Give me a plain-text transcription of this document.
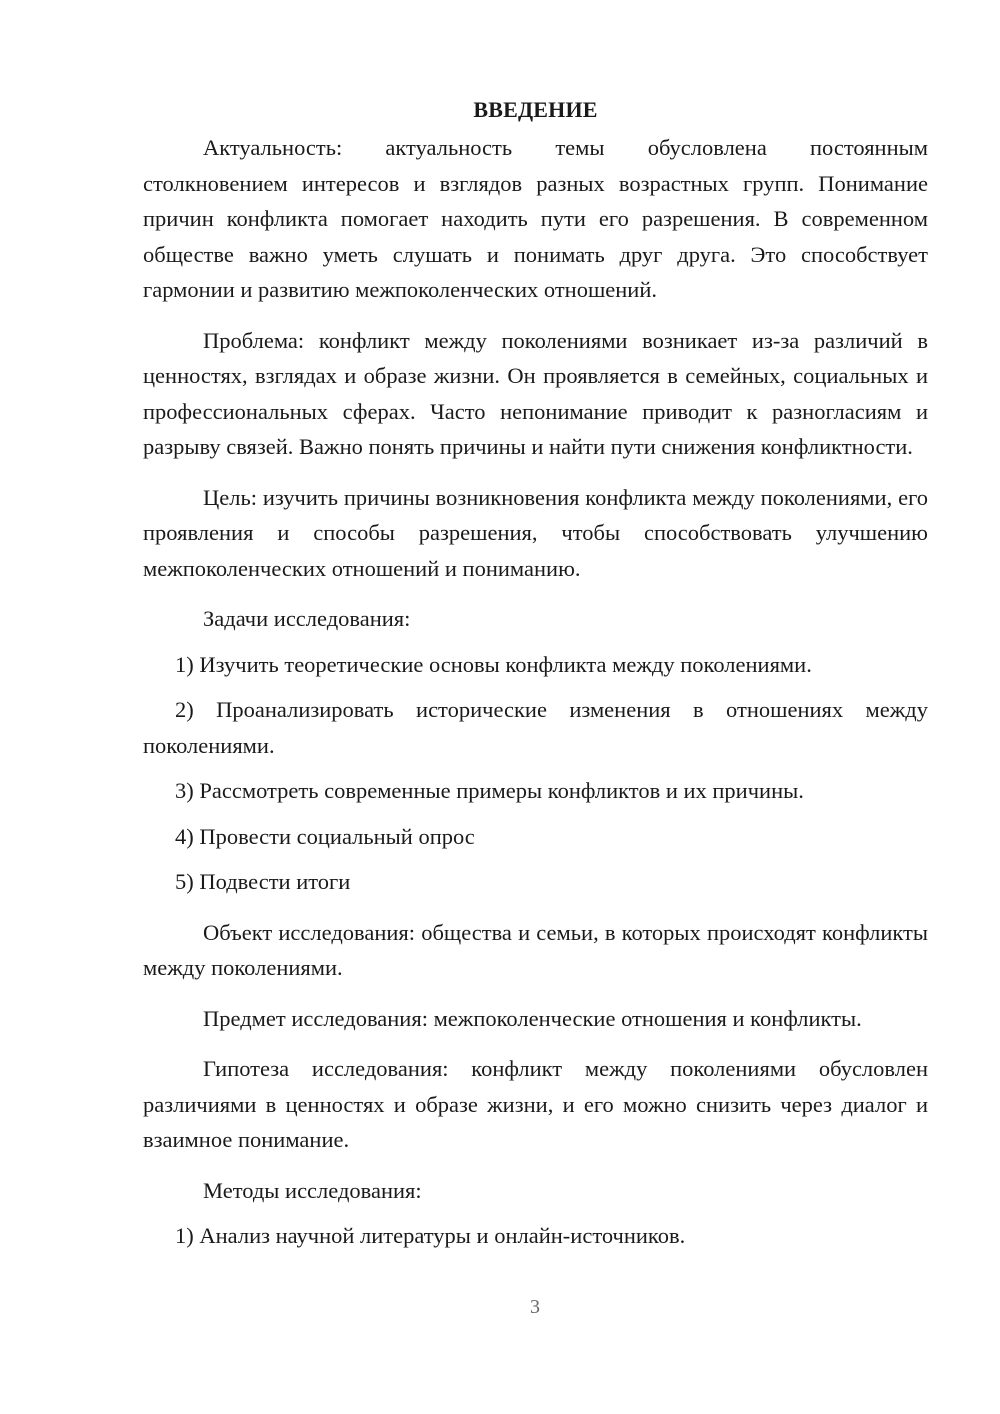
ВВЕДЕНИЕ
Актуальность: актуальность темы обусловлена постоянным столкновением интересов и взглядов разных возрастных групп. Понимание причин конфликта помогает находить пути его разрешения. В современном обществе важно уметь слушать и понимать друг друга. Это способствует гармонии и развитию межпоколенческих отношений.
Проблема: конфликт между поколениями возникает из-за различий в ценностях, взглядах и образе жизни. Он проявляется в семейных, социальных и профессиональных сферах. Часто непонимание приводит к разногласиям и разрыву связей. Важно понять причины и найти пути снижения конфликтности.
Цель: изучить причины возникновения конфликта между поколениями, его проявления и способы разрешения, чтобы способствовать улучшению межпоколенческих отношений и пониманию.
Задачи исследования:
1) Изучить теоретические основы конфликта между поколениями.
2) Проанализировать исторические изменения в отношениях между поколениями.
3) Рассмотреть современные примеры конфликтов и их причины.
4) Провести социальный опрос
5) Подвести итоги
Объект исследования: общества и семьи, в которых происходят конфликты между поколениями.
Предмет исследования: межпоколенческие отношения и конфликты.
Гипотеза исследования: конфликт между поколениями обусловлен различиями в ценностях и образе жизни, и его можно снизить через диалог и взаимное понимание.
Методы исследования:
1) Анализ научной литературы и онлайн-источников.
3
